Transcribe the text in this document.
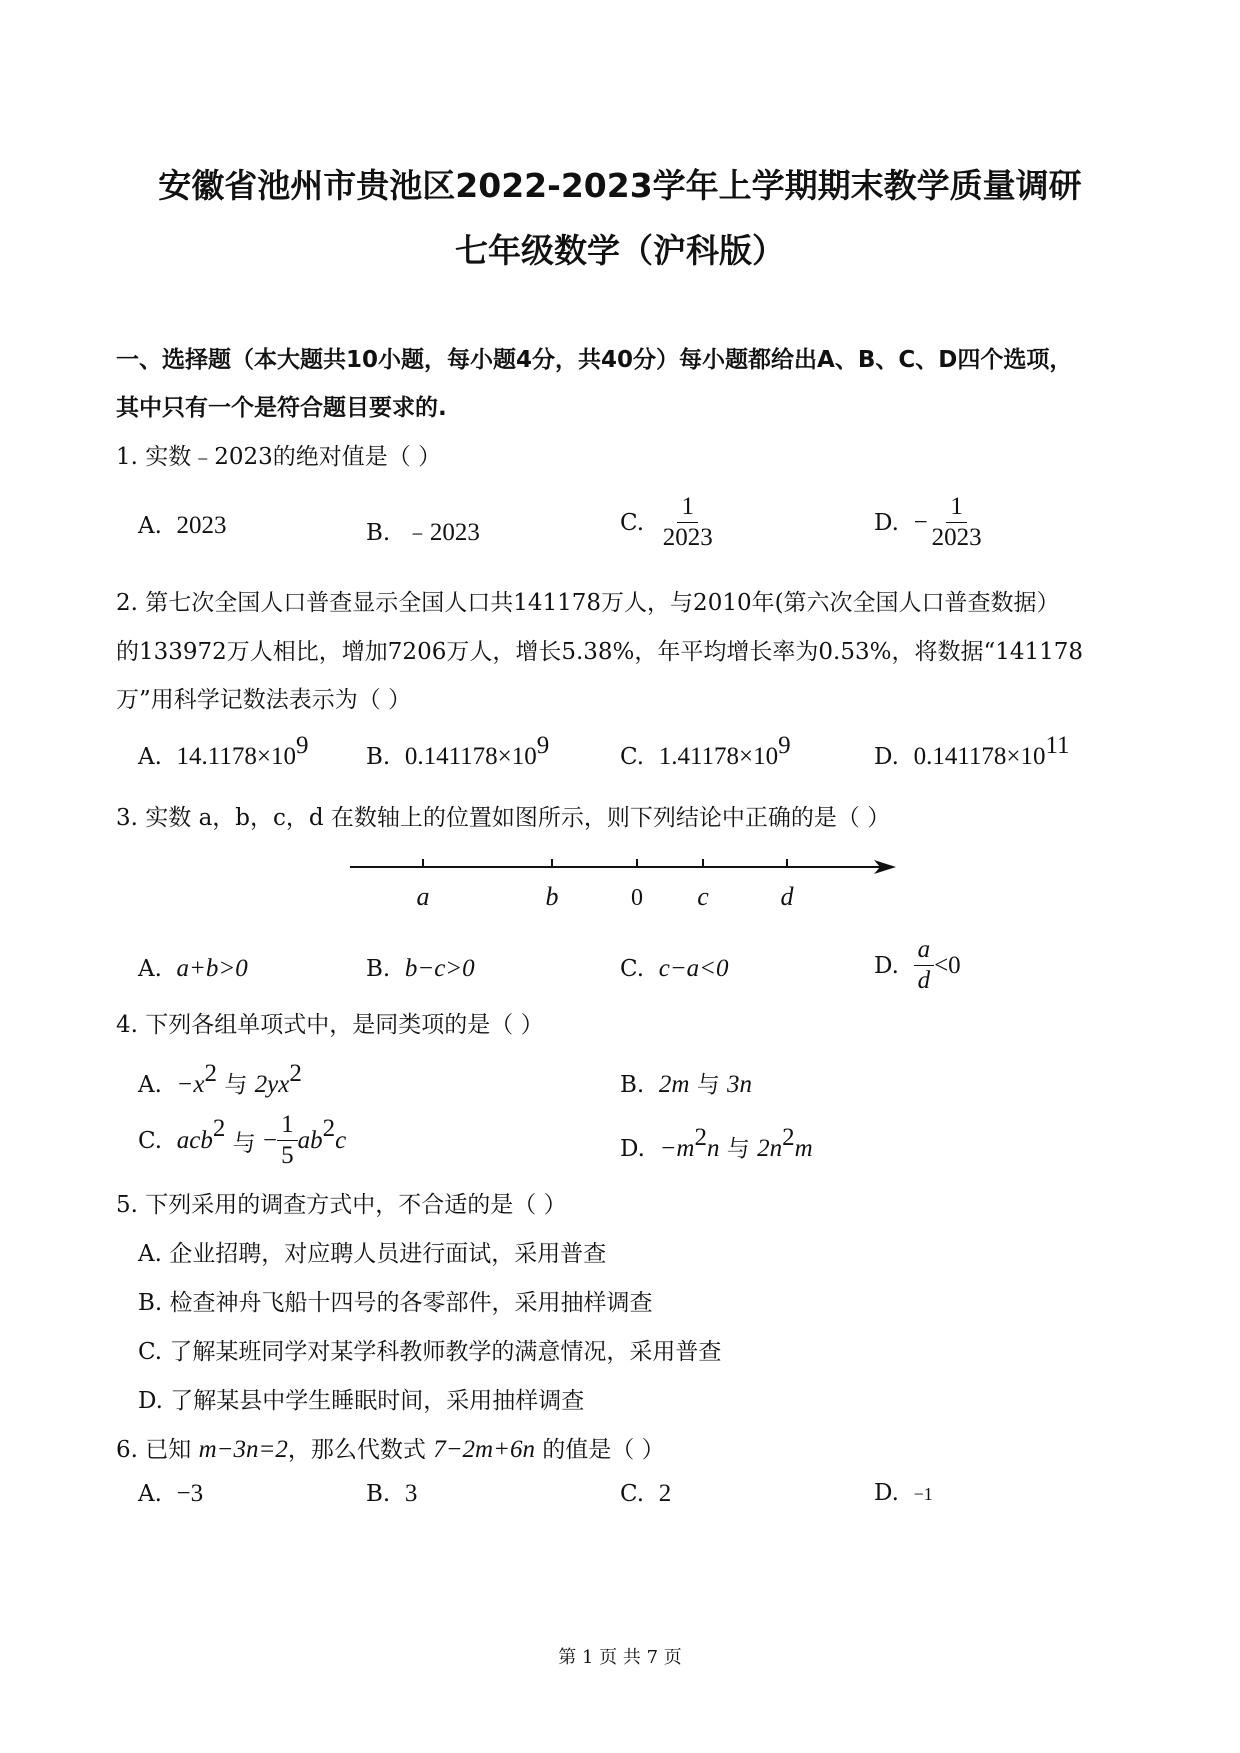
安徽省池州市贵池区2022-2023学年上学期期末教学质量调研
七年级数学（沪科版）
一、选择题（本大题共10小题，每小题4分，共40分）每小题都给出A、B、C、D四个选项，
其中只有一个是符合题目要求的.
1. 实数﹣2023的绝对值是（ ）
A. 2023	B. ﹣2023	C. $\frac{1}{2023}$	D. − $\frac{1}{2023}$
2. 第七次全国人口普查显示全国人口共141178万人，与2010年(第六次全国人口普查数据）
的133972万人相比，增加7206万人，增长5.38%，年平均增长率为0.53%，将数据“141178
万”用科学记数法表示为（ ）
A. $14.1178\times 10^9$	B. $0.141178\times 10^9$	C. $1.41178\times 10^9$	D. $0.141178\times 10^{11}$
3. 实数 a，b，c，d 在数轴上的位置如图所示，则下列结论中正确的是（ ）
a	b	0 c	d
A. a+b>0	B. b−c>0	C. c−a<0	D. $\frac{a}{d} <0$
4. 下列各组单项式中，是同类项的是（ ）
A. $-x^2$ 与 $2yx^2$	B. 2m 与 3n
C. acb$^2$ 与 − $\frac{1}{5} ab^2c$	D. $-m^2n$ 与 $2n^2m$
5. 下列采用的调查方式中，不合适的是（ ）
A. 企业招聘，对应聘人员进行面试，采用普查
B. 检查神舟飞船十四号的各零部件，采用抽样调查
C. 了解某班同学对某学科教师教学的满意情况，采用普查
D. 了解某县中学生睡眠时间，采用抽样调查
6. 已知 m−3n=2，那么代数式 7−2m+6n 的值是（ ）
A. −3	B. 3	C. 2	D. −1
第 1 页 共 7 页
